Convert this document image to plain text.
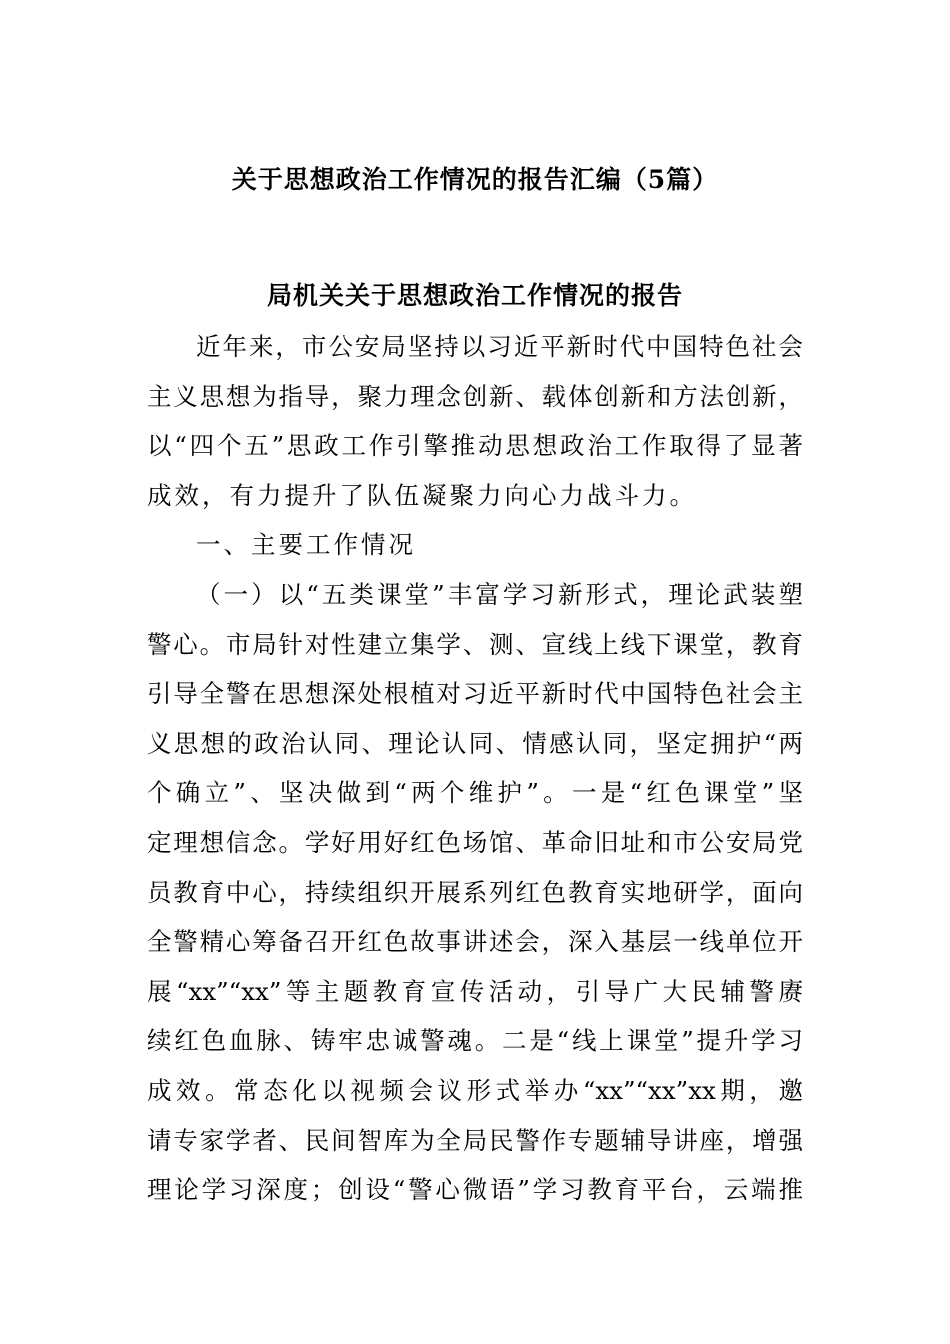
关于思想政治工作情况的报告汇编（5篇）
局机关关于思想政治工作情况的报告
近年来，市公安局坚持以习近平新时代中国特色社会
主义思想为指导，聚力理念创新、载体创新和方法创新，
以“四个五”思政工作引擎推动思想政治工作取得了显著
成效，有力提升了队伍凝聚力向心力战斗力。
一、主要工作情况
（一）以“五类课堂”丰富学习新形式，理论武装塑
警心。市局针对性建立集学、测、宣线上线下课堂，教育
引导全警在思想深处根植对习近平新时代中国特色社会主
义思想的政治认同、理论认同、情感认同，坚定拥护“两
个确立”、坚决做到“两个维护”。一是“红色课堂”坚
定理想信念。学好用好红色场馆、革命旧址和市公安局党
员教育中心，持续组织开展系列红色教育实地研学，面向
全警精心筹备召开红色故事讲述会，深入基层一线单位开
展“xx”“xx”等主题教育宣传活动，引导广大民辅警赓
续红色血脉、铸牢忠诚警魂。二是“线上课堂”提升学习
成效。常态化以视频会议形式举办“xx”“xx”xx期，邀
请专家学者、民间智库为全局民警作专题辅导讲座，增强
理论学习深度；创设“警心微语”学习教育平台，云端推
